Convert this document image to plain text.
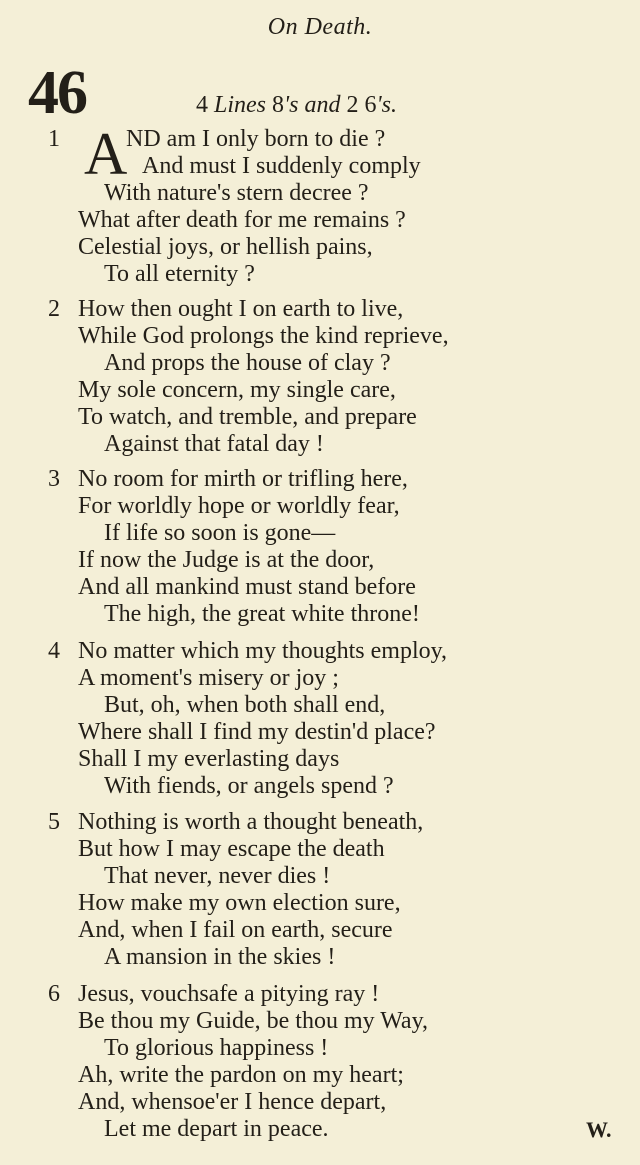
On Death.
46	4 Lines 8's and 2 6's.
1 A
ND am I only born to die ?
And must I suddenly comply
With nature's stern decree ?
What after death for me remains ?
Celestial joys, or hellish pains,
To all eternity ?
2 How then ought I on earth to live,
While God prolongs the kind reprieve,
And props the house of clay ?
My sole concern, my single care,
To watch, and tremble, and prepare
Against that fatal day !
3 No room for mirth or trifling here,
For worldly hope or worldly fear,
If life so soon is gone—
If now the Judge is at the door,
And all mankind must stand before
The high, the great white throne!
4 No matter which my thoughts employ,
A moment's misery or joy ;
But, oh, when both shall end,
Where shall I find my destin'd place?
Shall I my everlasting days
With fiends, or angels spend ?
5 Nothing is worth a thought beneath,
But how I may escape the death
That never, never dies !
How make my own election sure,
And, when I fail on earth, secure
A mansion in the skies !
6 Jesus, vouchsafe a pitying ray !
Be thou my Guide, be thou my Way,
To glorious happiness !
Ah, write the pardon on my heart;
And, whensoe'er I hence depart,
Let me depart in peace.	W.
